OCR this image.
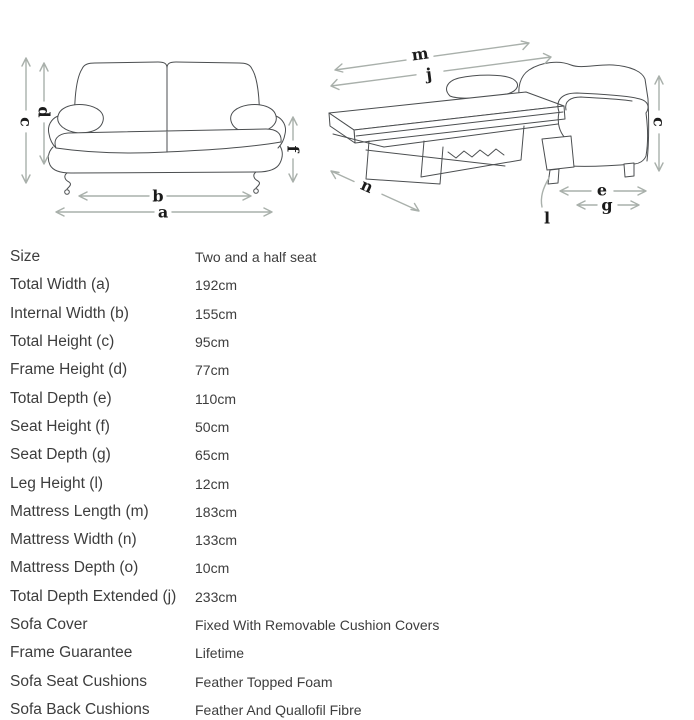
c
d
f
b
a
m
j
n
c
e
g
l
Size	Two and a half seat
Total Width (a)	192cm
Internal Width (b)	155cm
Total Height (c)	95cm
Frame Height (d)	77cm
Total Depth (e)	110cm
Seat Height (f)	50cm
Seat Depth (g)	65cm
Leg Height (l)	12cm
Mattress Length (m)	183cm
Mattress Width (n)	133cm
Mattress Depth (o)	10cm
Total Depth Extended (j)	233cm
Sofa Cover	Fixed With Removable Cushion Covers
Frame Guarantee	Lifetime
Sofa Seat Cushions	Feather Topped Foam
Sofa Back Cushions	Feather And Quallofil Fibre
